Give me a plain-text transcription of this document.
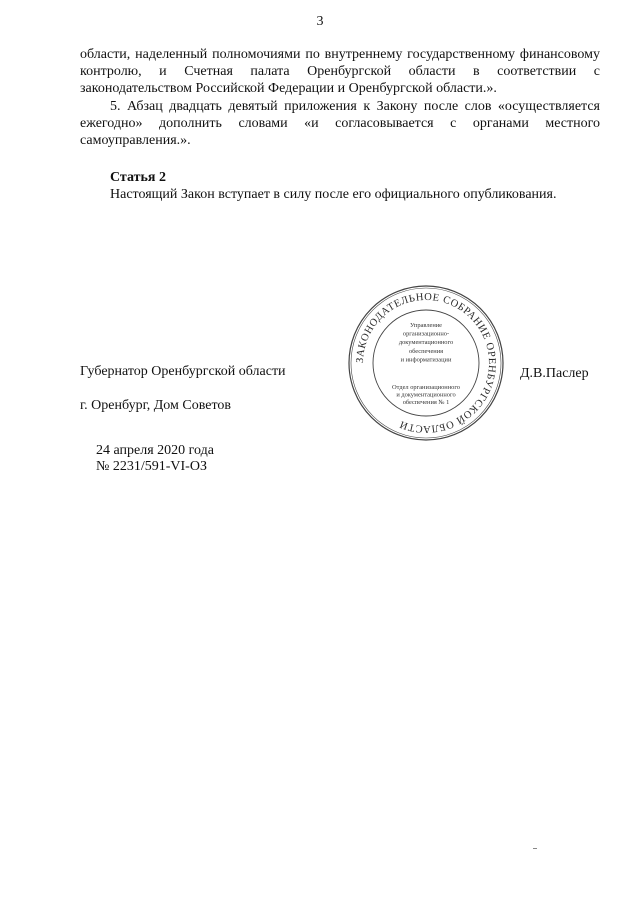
3

области, наделенный полномочиями по внутреннему государственному финансовому контролю, и Счетная палата Оренбургской области в соответствии с законодательством Российской Федерации и Оренбургской области.».

5. Абзац двадцать девятый приложения к Закону после слов «осуществляется ежегодно» дополнить словами «и согласовывается с органами местного самоуправления.».

Статья 2
Настоящий Закон вступает в силу после его официального опубликования.
Губернатор Оренбургской области	Д.В.Паслер
г. Оренбург, Дом Советов
24 апреля 2020 года
№ 2231/591-VI-ОЗ
ЗАКОНОДАТЕЛЬНОЕ СОБРАНИЕ ОРЕНБУРГСКОЙ ОБЛАСТИ
Управление
организационно-
документационного
обеспечения
и информатизации
Отдел организационного
и документационного
обеспечения № 1
